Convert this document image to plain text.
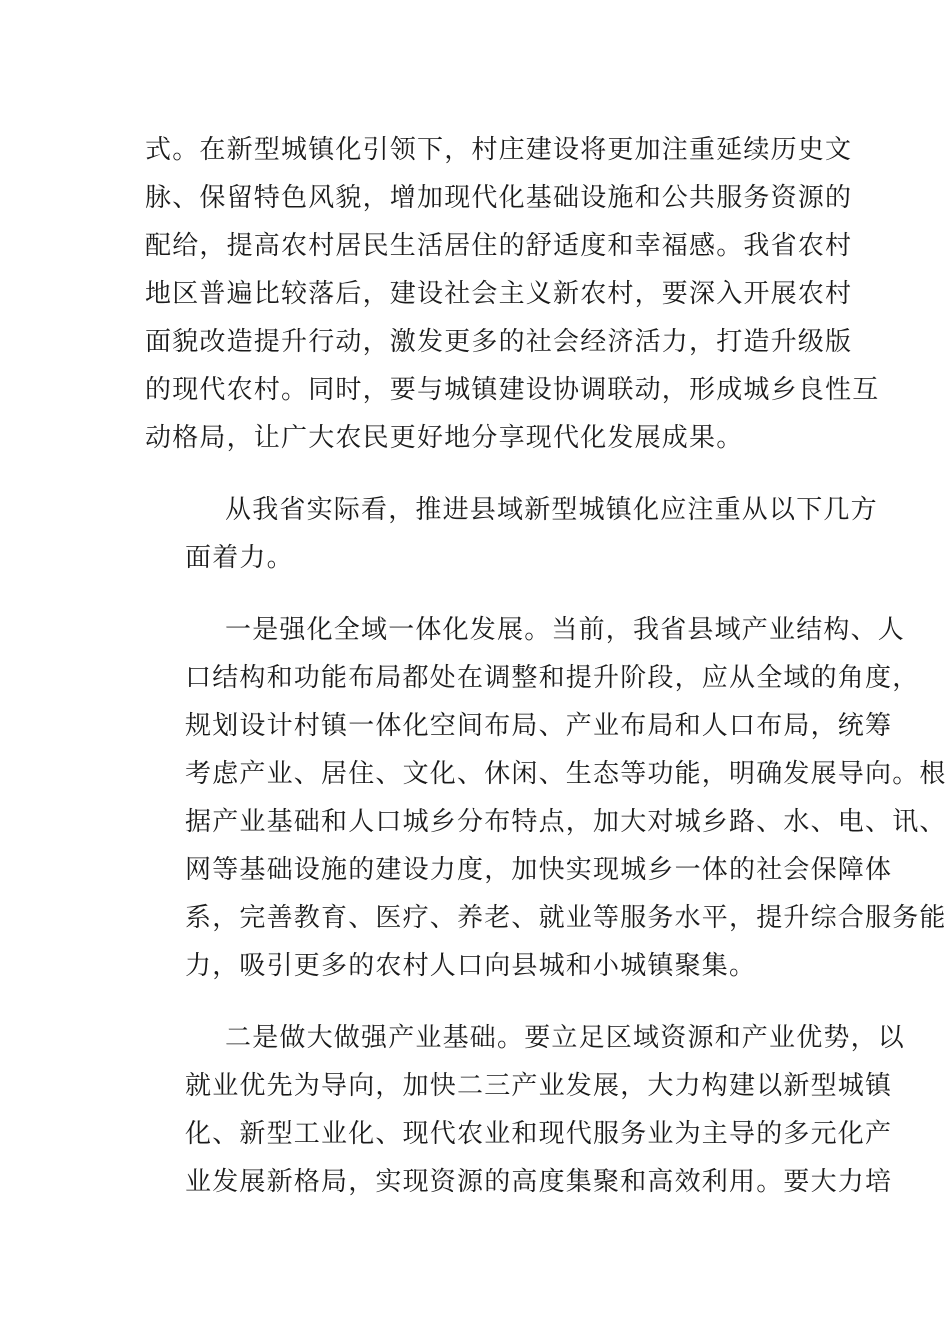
式。在新型城镇化引领下，村庄建设将更加注重延续历史文
脉、保留特色风貌，增加现代化基础设施和公共服务资源的
配给，提高农村居民生活居住的舒适度和幸福感。我省农村
地区普遍比较落后，建设社会主义新农村，要深入开展农村
面貌改造提升行动，激发更多的社会经济活力，打造升级版
的现代农村。同时，要与城镇建设协调联动，形成城乡良性互
动格局，让广大农民更好地分享现代化发展成果。
从我省实际看，推进县域新型城镇化应注重从以下几方
面着力。
一是强化全域一体化发展。当前，我省县域产业结构、人
口结构和功能布局都处在调整和提升阶段，应从全域的角度，
规划设计村镇一体化空间布局、产业布局和人口布局，统筹
考虑产业、居住、文化、休闲、生态等功能，明确发展导向。根
据产业基础和人口城乡分布特点，加大对城乡路、水、电、讯、
网等基础设施的建设力度，加快实现城乡一体的社会保障体
系，完善教育、医疗、养老、就业等服务水平，提升综合服务能
力，吸引更多的农村人口向县城和小城镇聚集。
二是做大做强产业基础。要立足区域资源和产业优势，以
就业优先为导向，加快二三产业发展，大力构建以新型城镇
化、新型工业化、现代农业和现代服务业为主导的多元化产
业发展新格局，实现资源的高度集聚和高效利用。要大力培
